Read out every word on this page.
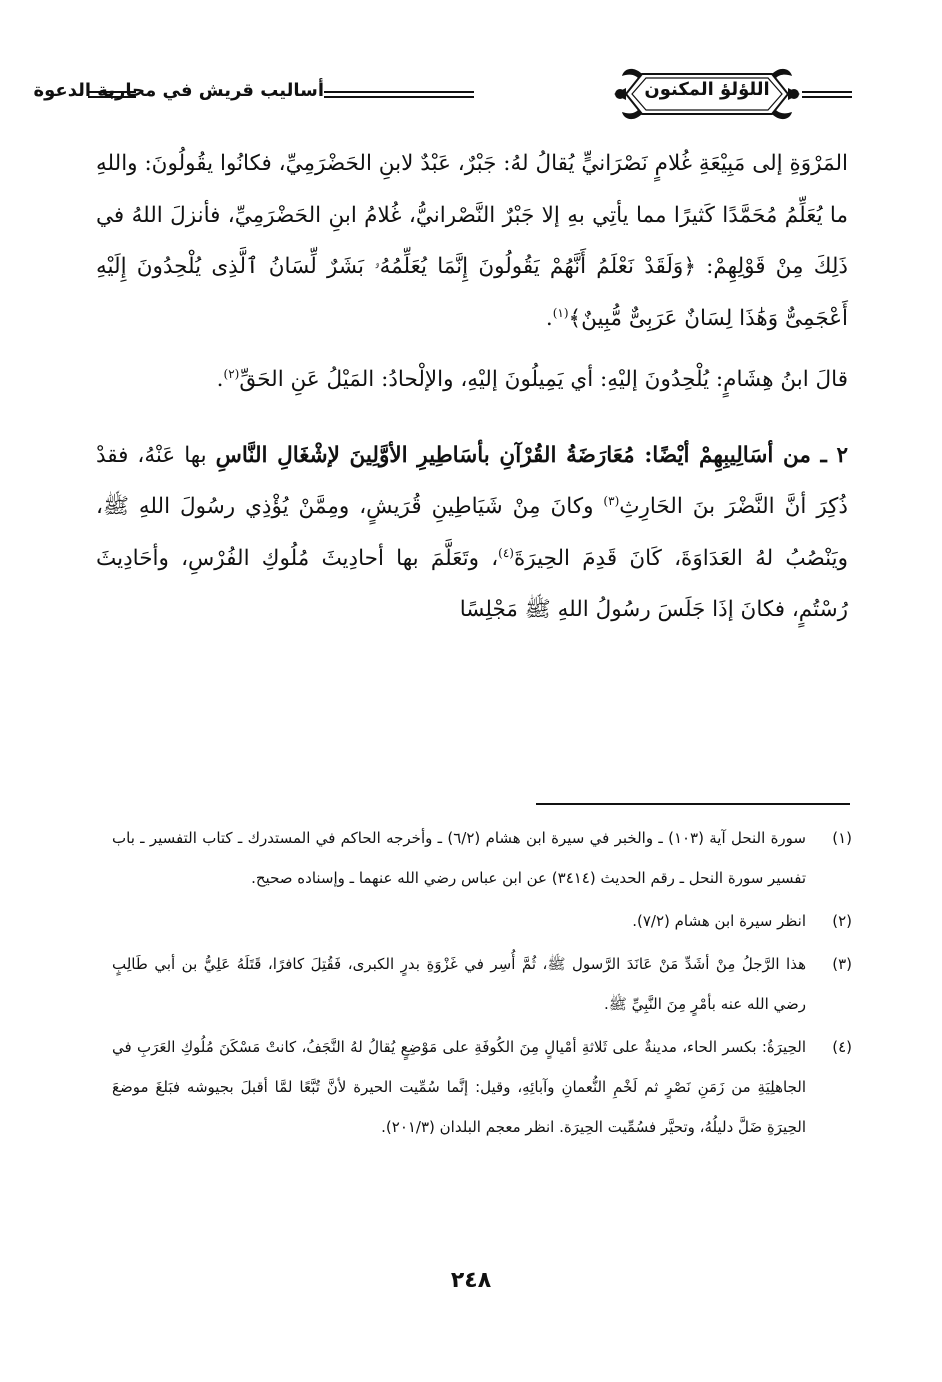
أساليب قريش في محاربة الدعوة	اللؤلؤ المكنون

المَرْوَةِ إلى مَبِيْعَةِ غُلامٍ نَصْرَانيٍّ يُقالُ لهُ: جَبْرٌ، عَبْدٌ لابنِ الحَضْرَمِيِّ، فكانُوا يقُولُونَ: واللهِ ما يُعَلِّمُ مُحَمَّدًا كَثيرًا مما يأتِي بهِ إلا جَبْرٌ النَّصْرانيُّ، غُلامُ ابنِ الحَضْرَمِيِّ، فأنزلَ اللهُ في ذَلِكَ مِنْ قَوْلِهِمْ: ﴿وَلَقَدْ نَعْلَمُ أَنَّهُمْ يَقُولُونَ إِنَّمَا يُعَلِّمُهُۥ بَشَرٌ لِّسَانُ ٱلَّذِى يُلْحِدُونَ إِلَيْهِ أَعْجَمِىٌّ وَهَٰذَا لِسَانٌ عَرَبِىٌّ مُّبِينٌ﴾$^{(١)}$.

قالَ ابنُ هِشَامٍ: يُلْحِدُونَ إليْهِ: أي يَمِيلُونَ إليْهِ، والإلْحادُ: المَيْلُ عَنِ الحَقِّ$^{(٢)}$.

٢ ـ من أسَالِيبِهِمْ أيْضًا: مُعَارَضَةُ القُرْآنِ بأسَاطِيرِ الأوَّلِينَ لإشْغَالِ النَّاسِ بها عَنْهُ، فقدْ ذُكِرَ أنَّ النَّضْرَ بنَ الحَارِثِ$^{(٣)}$ وكانَ مِنْ شَيَاطِينِ قُرَيشٍ، ومِمَّنْ يُؤْذِي رسُولَ اللهِ ﷺ، ويَنْصُبُ لهُ العَدَاوَةَ، كَانَ قَدِمَ الحِيرَةَ$^{(٤)}$، وتَعَلَّمَ بها أحادِيثَ مُلُوكِ الفُرْسِ، وأحَادِيثَ رُسْتُمٍ، فكانَ إذَا جَلَسَ رسُولُ اللهِ ﷺ مَجْلِسًا

(١)
سورة النحل آية (١٠٣) ـ والخبر في سيرة ابن هشام (٦/٢) ـ وأخرجه الحاكم في المستدرك ـ كتاب التفسير ـ باب تفسير سورة النحل ـ رقم الحديث (٣٤١٤) عن ابن عباس رضي الله عنهما ـ وإسناده صحيح.
(٢)
انظر سيرة ابن هشام (٧/٢).
(٣)
هذا الرَّجلُ مِنْ أشَدِّ مَنْ عَانَدَ الرَّسول ﷺ، ثُمَّ أُسِر في غَزْوَةِ بدرٍ الكبرى، فَقُتِلَ كافرًا، قَتَلَهُ عَلِيُّ بن أبي طَالِبٍ رضي الله عنه بأمْرٍ مِنَ النَّبِيِّ ﷺ.
(٤)
الحِيرَةُ: بكسر الحاء، مدينةٌ على ثَلاثةِ أمْيالٍ مِنَ الكُوفَةِ على مَوْضِعٍ يُقالُ لهُ النَّجَفُ، كانتْ مَسْكَنَ مُلُوكِ العَرَبِ في الجاهلِيَةِ من زَمَنِ نَصْرٍ ثم لَخْمِ النُّعمانِ وآبائِهِ، وقيل: إنَّما سُمِّيت الحيرة لأنَّ تُبَّعًا لمَّا أقبلَ بجيوشه فبَلغَ موضعَ الحِيرَةِ ضَلَّ دليلُهُ، وتحيَّر فسُمِّيت الحِيرَة. انظر معجم البلدان (٢٠١/٣).
٢٤٨
